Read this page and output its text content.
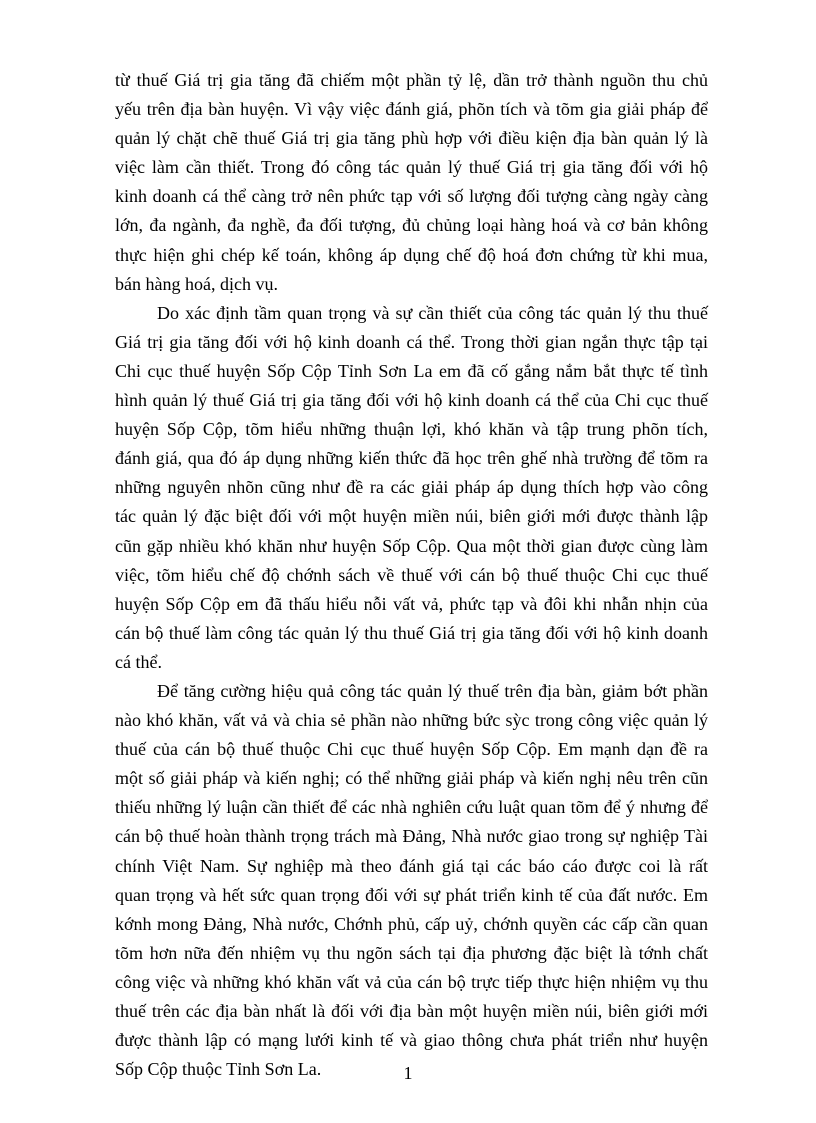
từ thuế Giá trị gia tăng đã chiếm một phần tỷ lệ, dần trở thành nguồn thu chủ
yếu trên địa bàn huyện. Vì vậy việc đánh giá, phõn tích và tõm gia giải pháp để
quản lý chặt chẽ thuế Giá trị gia tăng phù hợp với điều kiện địa bàn quản lý là
việc làm cần thiết. Trong đó công tác quản lý thuế Giá trị gia tăng đối với hộ
kinh doanh cá thể càng trở nên phức tạp với số lượng đối tượng càng ngày càng
lớn, đa ngành, đa nghề, đa đối tượng, đủ chủng loại hàng hoá và cơ bản không
thực hiện ghi chép kế toán, không áp dụng chế độ hoá đơn chứng từ khi mua,
bán hàng hoá, dịch vụ.
Do xác định tầm quan trọng và sự cần thiết của công tác quản lý thu thuế
Giá trị gia tăng đối với hộ kinh doanh cá thể. Trong thời gian ngắn thực tập tại
Chi cục thuế huyện Sốp Cộp Tỉnh Sơn La em đã cố gắng nắm bắt thực tế tình
hình quản lý thuế Giá trị gia tăng đối với hộ kinh doanh cá thể của Chi cục thuế
huyện Sốp Cộp, tõm hiểu những thuận lợi, khó khăn và tập trung phõn tích,
đánh giá, qua đó áp dụng những kiến thức đã học trên ghế nhà trường để tõm ra
những nguyên nhõn cũng như đề ra các giải pháp áp dụng thích hợp vào công
tác quản lý đặc biệt đối với một huyện miền núi, biên giới mới được thành lập
cũn gặp nhiều khó khăn như huyện Sốp Cộp. Qua một thời gian được cùng làm
việc, tõm hiểu chế độ chớnh sách về thuế với cán bộ thuế thuộc Chi cục thuế
huyện Sốp Cộp em đã thấu hiểu nỗi vất vả, phức tạp và đôi khi nhẫn nhịn của
cán bộ thuế làm công tác quản lý thu thuế Giá trị gia tăng đối với hộ kinh doanh
cá thể.
Để tăng cường hiệu quả công tác quản lý thuế trên địa bàn, giảm bớt phần
nào khó khăn, vất vả và chia sẻ phần nào những bức sỳc trong công việc quản lý
thuế của cán bộ thuế thuộc Chi cục thuế huyện Sốp Cộp. Em mạnh dạn đề ra
một số giải pháp và kiến nghị; có thể những giải pháp và kiến nghị nêu trên cũn
thiếu những lý luận cần thiết để các nhà nghiên cứu luật quan tõm để ý nhưng để
cán bộ thuế hoàn thành trọng trách mà Đảng, Nhà nước giao trong sự nghiệp Tài
chính Việt Nam. Sự nghiệp mà theo đánh giá tại các báo cáo được coi là rất
quan trọng và hết sức quan trọng đối với sự phát triển kinh tế của đất nước. Em
kớnh mong Đảng, Nhà nước, Chớnh phủ, cấp uỷ, chớnh quyền các cấp cần quan
tõm hơn nữa đến nhiệm vụ thu ngõn sách tại địa phương đặc biệt là tớnh chất
công việc và những khó khăn vất vả của cán bộ trực tiếp thực hiện nhiệm vụ thu
thuế trên các địa bàn nhất là đối với địa bàn một huyện miền núi, biên giới mới
được thành lập có mạng lưới kinh tế và giao thông chưa phát triển như huyện
Sốp Cộp thuộc Tỉnh Sơn La.	1
